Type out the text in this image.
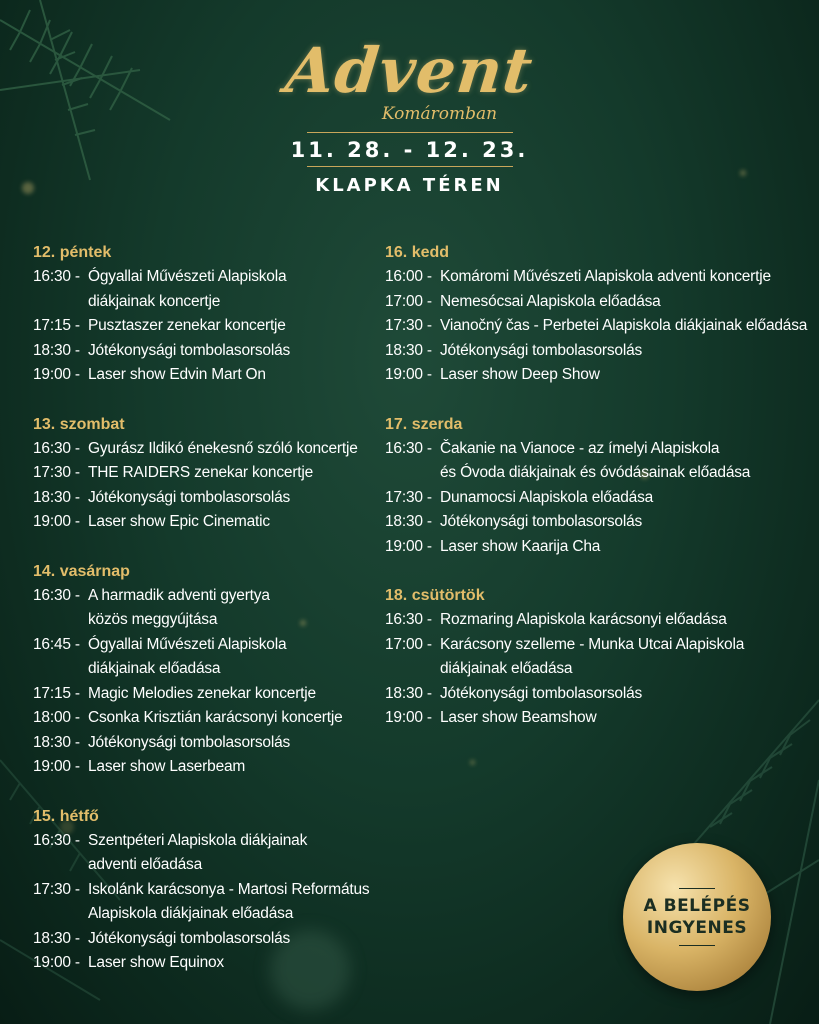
Advent
Komáromban
11. 28. - 12. 23.
KLAPKA TÉREN
12. péntek
16:30 - Ógyallai Művészeti Alapiskola
diákjainak koncertje
17:15 - Pusztaszer zenekar koncertje
18:30 - Jótékonysági tombolasorsolás
19:00 - Laser show Edvin Mart On
13. szombat
16:30 - Gyurász Ildikó énekesnő szóló koncertje
17:30 - THE RAIDERS zenekar koncertje
18:30 - Jótékonysági tombolasorsolás
19:00 - Laser show Epic Cinematic
14. vasárnap
16:30 - A harmadik adventi gyertya
közös meggyújtása
16:45 - Ógyallai Művészeti Alapiskola
diákjainak előadása
17:15 - Magic Melodies zenekar koncertje
18:00 - Csonka Krisztián karácsonyi koncertje
18:30 - Jótékonysági tombolasorsolás
19:00 - Laser show Laserbeam
15. hétfő
16:30 - Szentpéteri Alapiskola diákjainak
adventi előadása
17:30 - Iskolánk karácsonya - Martosi Református
Alapiskola diákjainak előadása
18:30 - Jótékonysági tombolasorsolás
19:00 - Laser show Equinox
16. kedd
16:00 - Komáromi Művészeti Alapiskola adventi koncertje
17:00 - Nemesócsai Alapiskola előadása
17:30 - Vianočný čas - Perbetei Alapiskola diákjainak előadása
18:30 - Jótékonysági tombolasorsolás
19:00 - Laser show Deep Show
17. szerda
16:30 - Čakanie na Vianoce - az ímelyi Alapiskola
és Óvoda diákjainak és óvódásainak előadása
17:30 - Dunamocsi Alapiskola előadása
18:30 - Jótékonysági tombolasorsolás
19:00 - Laser show Kaarija Cha
18. csütörtök
16:30 - Rozmaring Alapiskola karácsonyi előadása
17:00 - Karácsony szelleme - Munka Utcai Alapiskola
diákjainak előadása
18:30 - Jótékonysági tombolasorsolás
19:00 - Laser show Beamshow
A BELÉPÉS
INGYENES
